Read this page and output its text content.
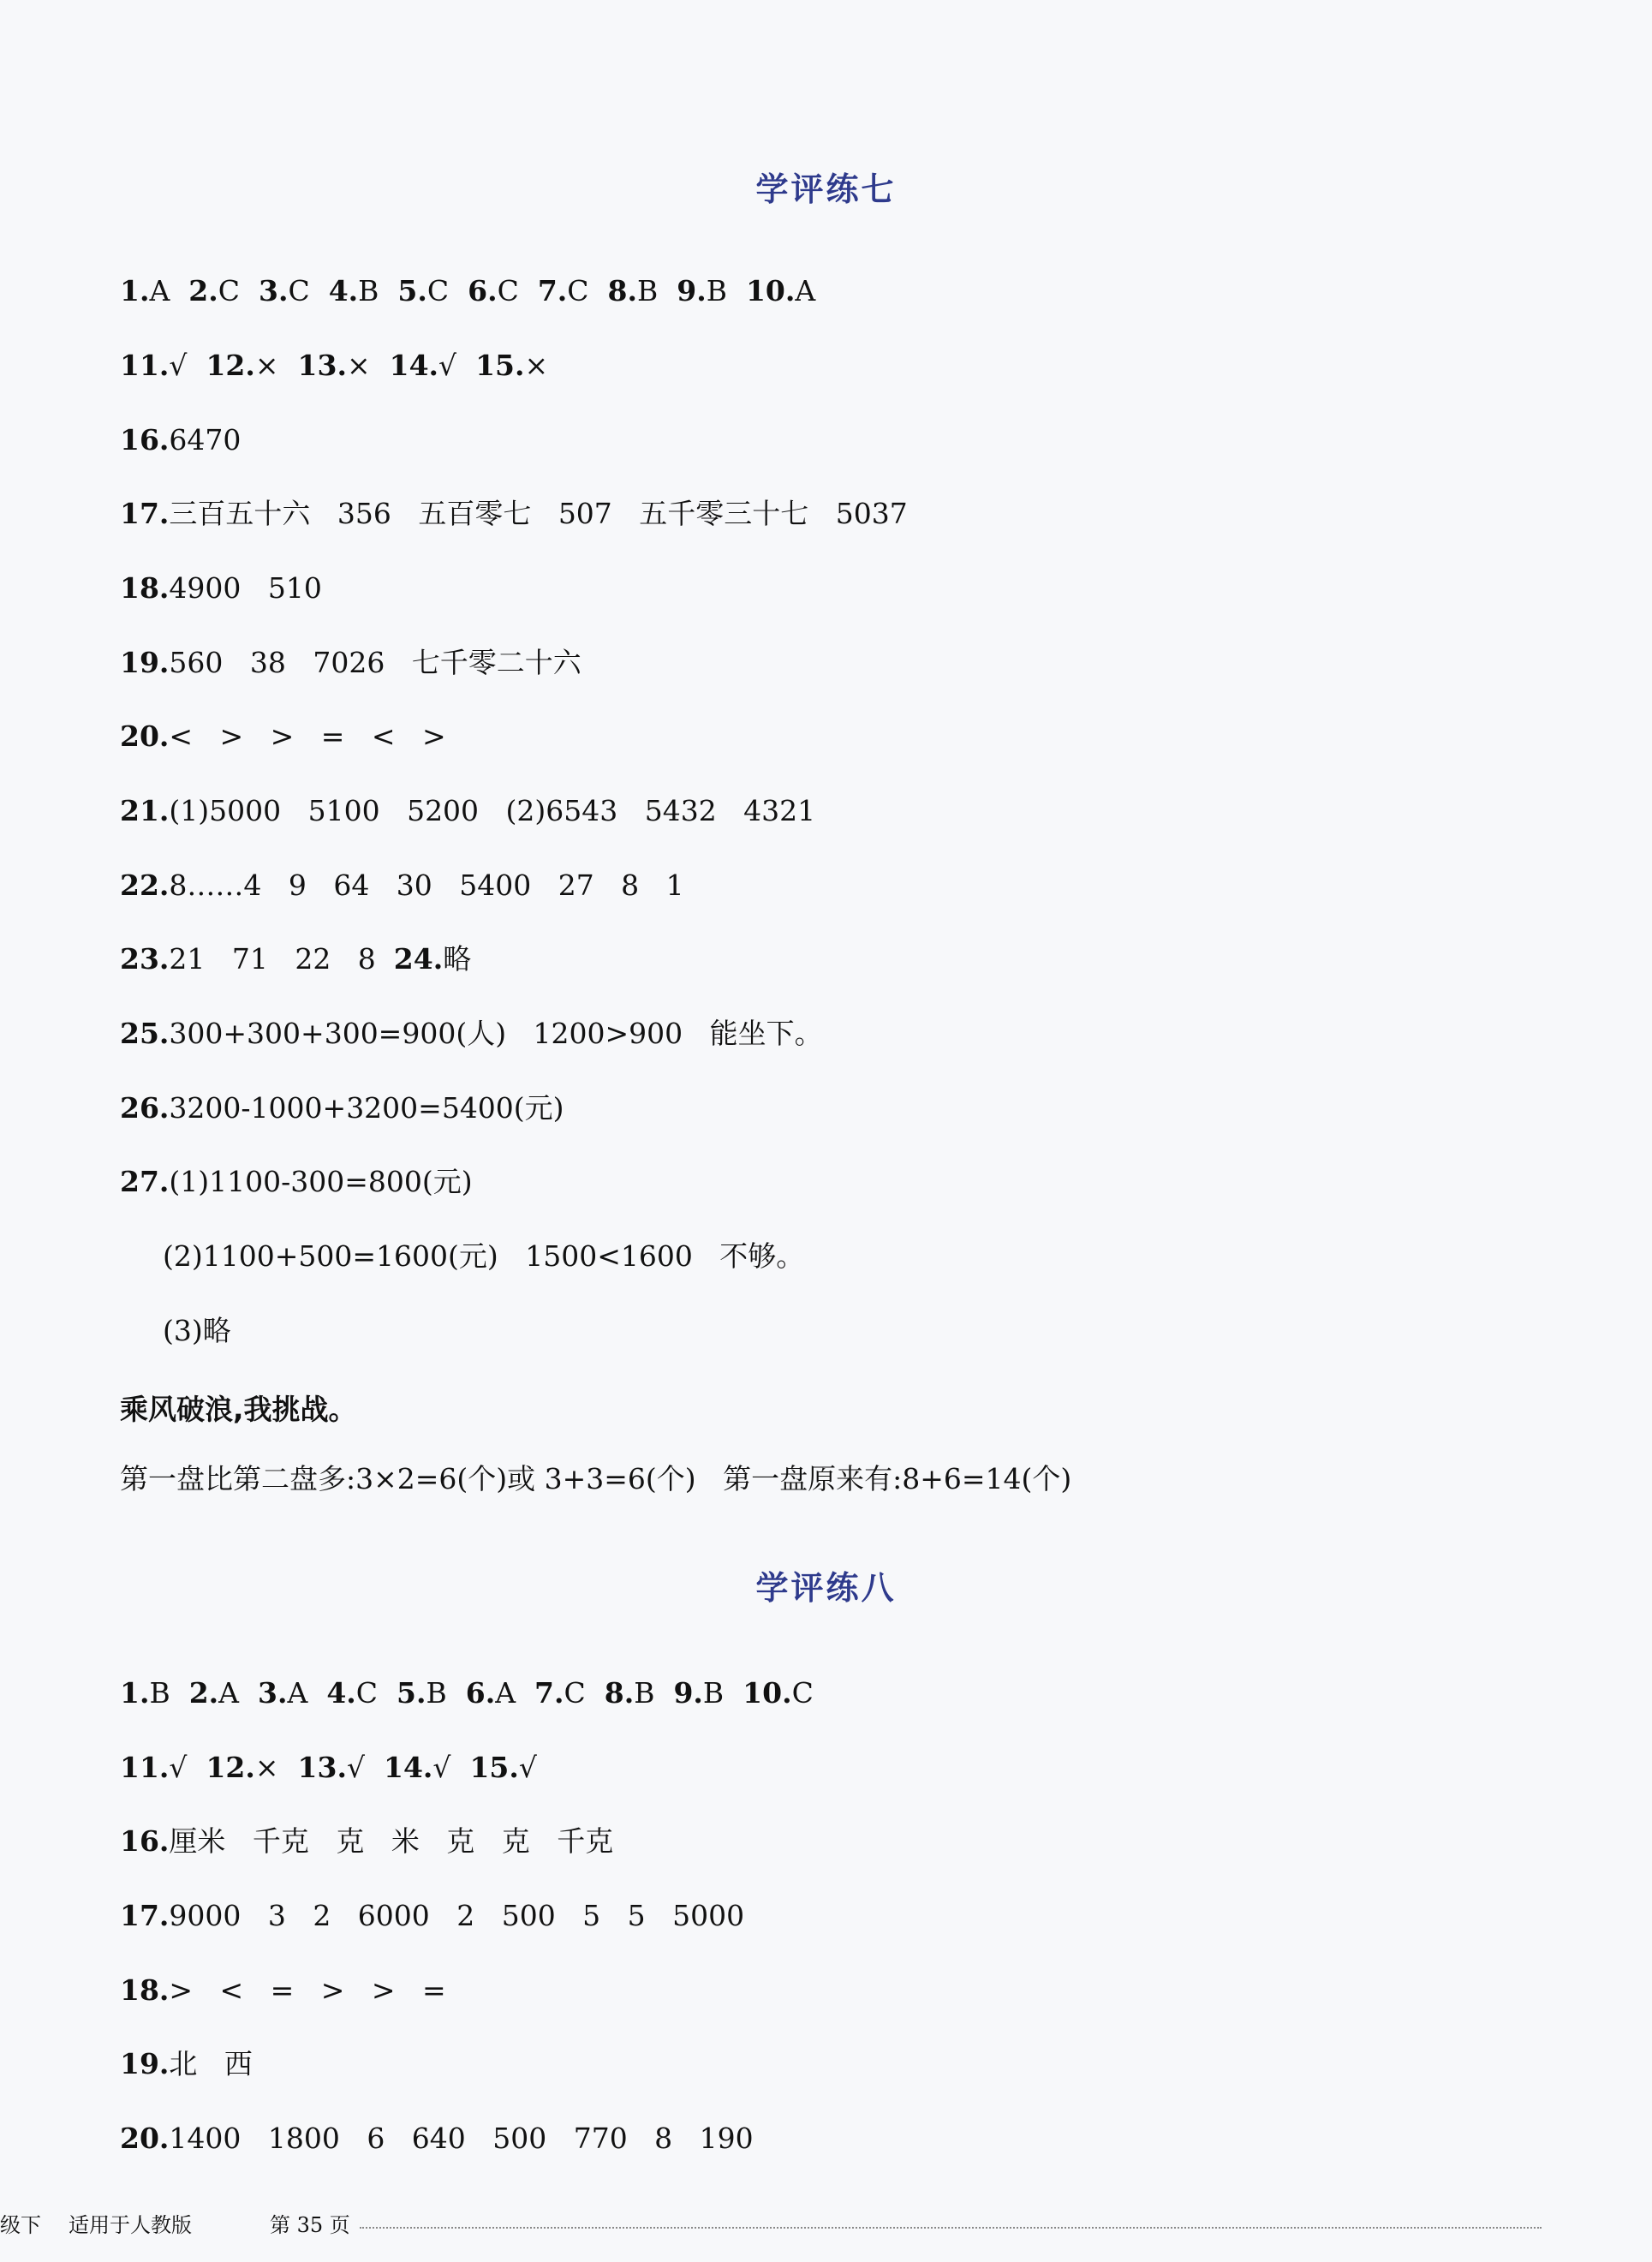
学评练七
1.A 2.C 3.C 4.B 5.C 6.C 7.C 8.B 9.B 10.A
11.√ 12.× 13.× 14.√ 15.×
16.6470
17.三百五十六   356   五百零七   507   五千零三十七   5037
18.4900   510
19.560   38   7026   七千零二十六
20.<   >   >   =   <   >
21.(1)5000   5100   5200   (2)6543   5432   4321
22.8……4   9   64   30   5400   27   8   1
23.21   71   22   8  24.略
25.300+300+300=900(人)   1200>900   能坐下。
26.3200-1000+3200=5400(元)
27.(1)1100-300=800(元)
(2)1100+500=1600(元)   1500<1600   不够。
(3)略
乘风破浪,我挑战。
第一盘比第二盘多:3×2=6(个)或 3+3=6(个)   第一盘原来有:8+6=14(个)
学评练八
1.B 2.A 3.A 4.C 5.B 6.A 7.C 8.B 9.B 10.C
11.√ 12.× 13.√ 14.√ 15.√
16.厘米   千克   克   米   克   克   千克
17.9000   3   2   6000   2   500   5   5   5000
18.>   <   =   >   >   =
19.北   西
20.1400   1800   6   640   500   770   8   190
级下 适用于人教版	第 35 页
